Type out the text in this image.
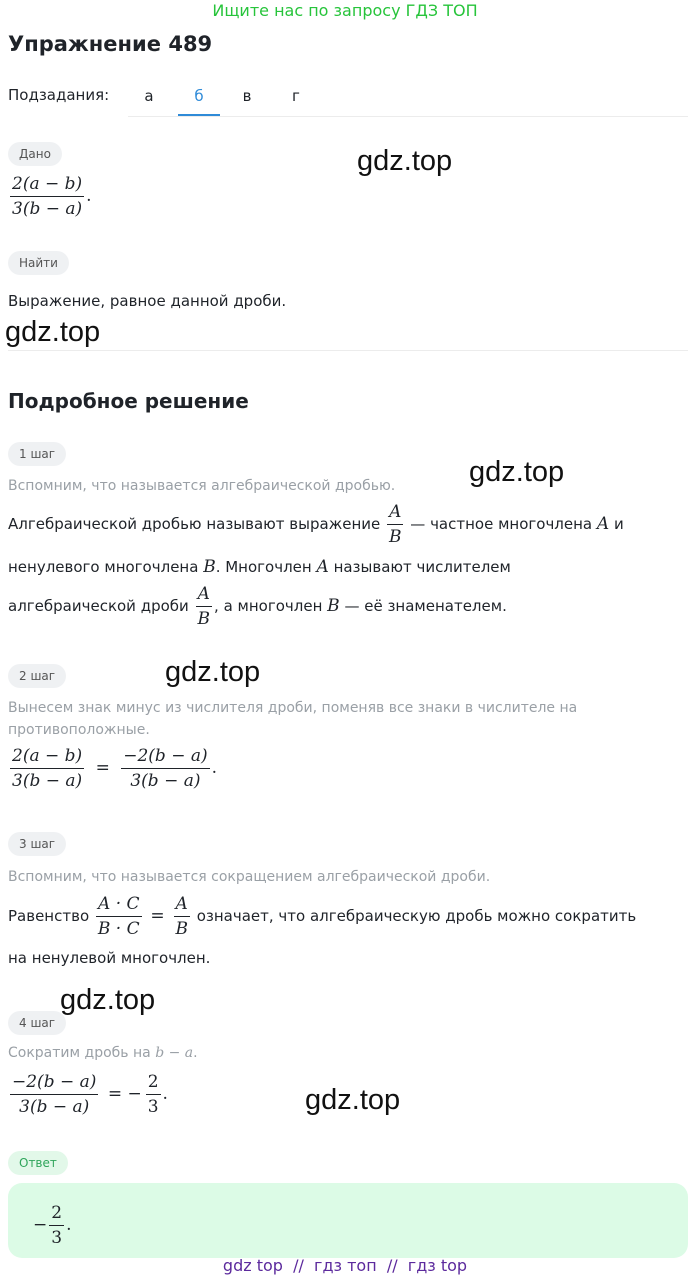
Ищите нас по запросу ГДЗ ТОП
Упражнение 489
Подзадания:	а	б	в	г
Дано	gdz.top
$\frac{2(a - b)}{3(b - a)}$ .
Найти
Выражение, равное данной дроби.
gdz.top
Подробное решение
1 шаг
gdz.top
Вспомним, что называется алгебраической дробью.
Алгебраической дробью называют выражение $\frac{A}{B}$ — частное многочлена A и
ненулевого многочлена B. Многочлен A называют числителем
алгебраической дроби $\frac{A}{B}$ , а многочлен B — её знаменателем.
2 шаг	gdz.top
Вынесем знак минус из числителя дроби, поменяв все знаки в числителе на противоположные.
$\frac{2(a - b)}{3(b - a)} = \frac{-2(b - a)}{3(b - a)}$ .
3 шаг
Вспомним, что называется сокращением алгебраической дроби.
Равенство $\frac{A \cdot C}{B \cdot C} = \frac{A}{B}$ означает, что алгебраическую дробь можно сократить
на ненулевой многочлен.
gdz.top
4 шаг
Сократим дробь на b − a.
$\frac{-2(b - a)}{3(b - a)}$ = − $\frac{2}{3}$ .	gdz.top
Ответ
− $\frac{2}{3}$ .
gdz top  //  гдз топ  //  гдз top
